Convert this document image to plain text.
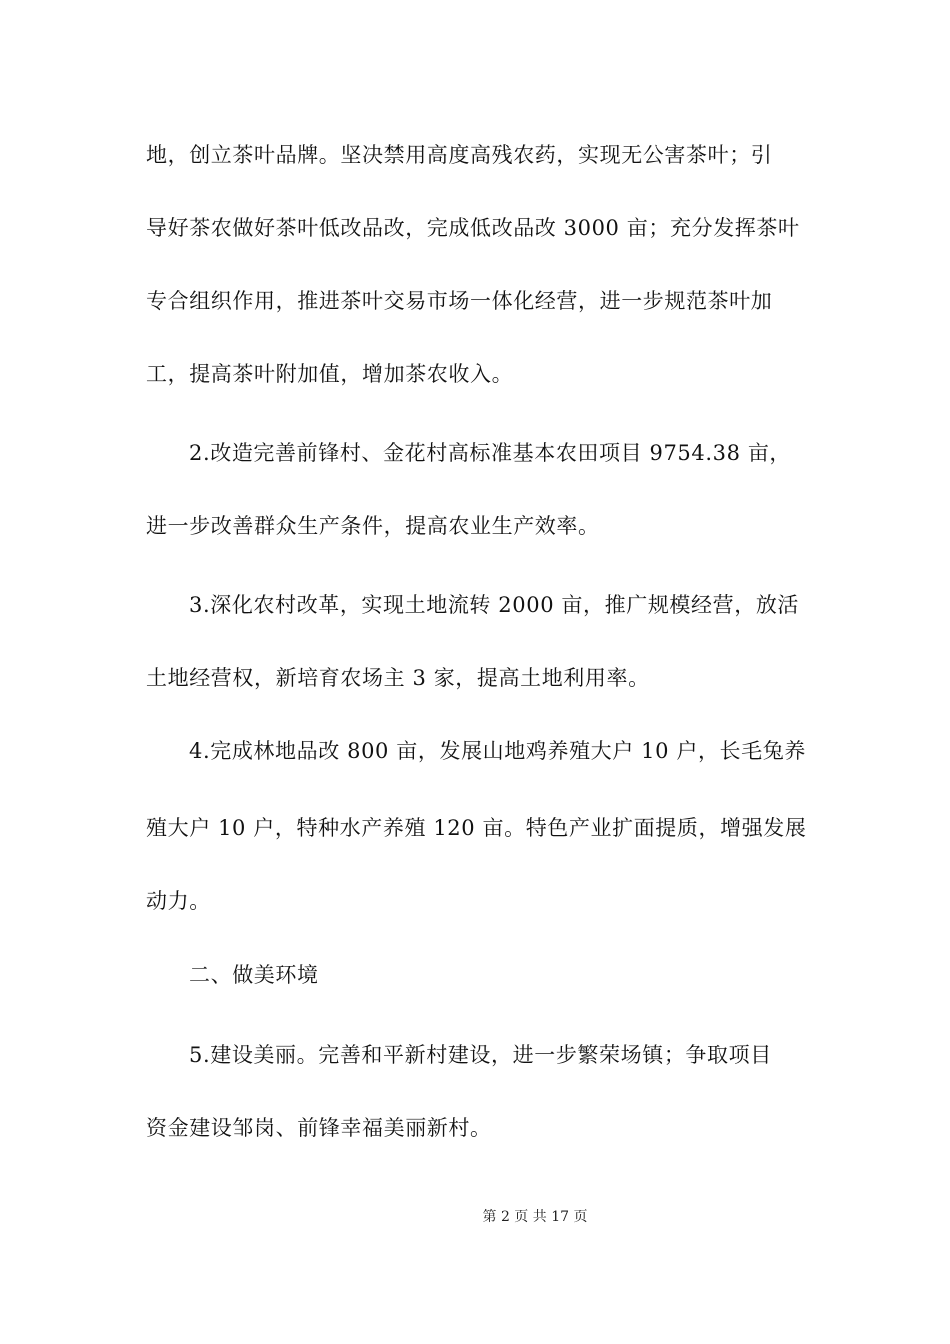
地，创立茶叶品牌。坚决禁用高度高残农药，实现无公害茶叶；引
导好茶农做好茶叶低改品改，完成低改品改 3000 亩；充分发挥茶叶
专合组织作用，推进茶叶交易市场一体化经营，进一步规范茶叶加
工，提高茶叶附加值，增加茶农收入。
2.改造完善前锋村、金花村高标准基本农田项目 9754.38 亩，
进一步改善群众生产条件，提高农业生产效率。
3.深化农村改革，实现土地流转 2000 亩，推广规模经营，放活
土地经营权，新培育农场主 3 家，提高土地利用率。
4.完成林地品改 800 亩，发展山地鸡养殖大户 10 户，长毛兔养
殖大户 10 户，特种水产养殖 120 亩。特色产业扩面提质，增强发展
动力。
二、做美环境
5.建设美丽。完善和平新村建设，进一步繁荣场镇；争取项目
资金建设邹岗、前锋幸福美丽新村。
第 2 页 共 17 页
